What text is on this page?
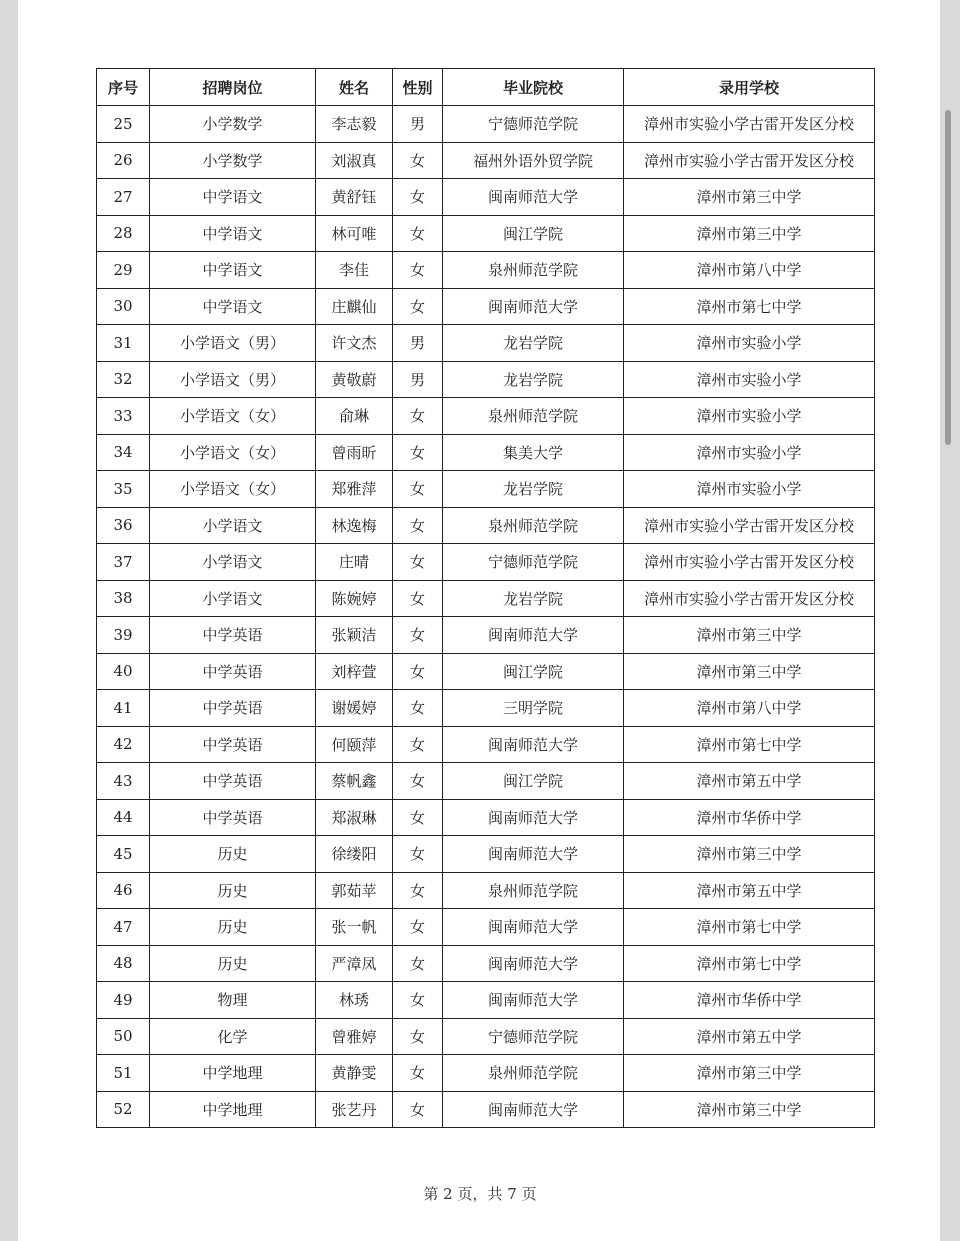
序号	招聘岗位	姓名	性别	毕业院校	录用学校
25	小学数学	李志毅	男	宁德师范学院	漳州市实验小学古雷开发区分校
26	小学数学	刘淑真	女	福州外语外贸学院	漳州市实验小学古雷开发区分校
27	中学语文	黄舒钰	女	闽南师范大学	漳州市第三中学
28	中学语文	林可唯	女	闽江学院	漳州市第三中学
29	中学语文	李佳	女	泉州师范学院	漳州市第八中学
30	中学语文	庄麒仙	女	闽南师范大学	漳州市第七中学
31	小学语文（男）	许文杰	男	龙岩学院	漳州市实验小学
32	小学语文（男）	黄敬蔚	男	龙岩学院	漳州市实验小学
33	小学语文（女）	俞琳	女	泉州师范学院	漳州市实验小学
34	小学语文（女）	曾雨昕	女	集美大学	漳州市实验小学
35	小学语文（女）	郑雅萍	女	龙岩学院	漳州市实验小学
36	小学语文	林逸梅	女	泉州师范学院	漳州市实验小学古雷开发区分校
37	小学语文	庄晴	女	宁德师范学院	漳州市实验小学古雷开发区分校
38	小学语文	陈婉婷	女	龙岩学院	漳州市实验小学古雷开发区分校
39	中学英语	张颖洁	女	闽南师范大学	漳州市第三中学
40	中学英语	刘梓萱	女	闽江学院	漳州市第三中学
41	中学英语	谢媛婷	女	三明学院	漳州市第八中学
42	中学英语	何颐萍	女	闽南师范大学	漳州市第七中学
43	中学英语	蔡帆鑫	女	闽江学院	漳州市第五中学
44	中学英语	郑淑琳	女	闽南师范大学	漳州市华侨中学
45	历史	徐缕阳	女	闽南师范大学	漳州市第三中学
46	历史	郭茹苹	女	泉州师范学院	漳州市第五中学
47	历史	张一帆	女	闽南师范大学	漳州市第七中学
48	历史	严漳凤	女	闽南师范大学	漳州市第七中学
49	物理	林琇	女	闽南师范大学	漳州市华侨中学
50	化学	曾雅婷	女	宁德师范学院	漳州市第五中学
51	中学地理	黄静雯	女	泉州师范学院	漳州市第三中学
52	中学地理	张艺丹	女	闽南师范大学	漳州市第三中学
第 2 页，共 7 页
